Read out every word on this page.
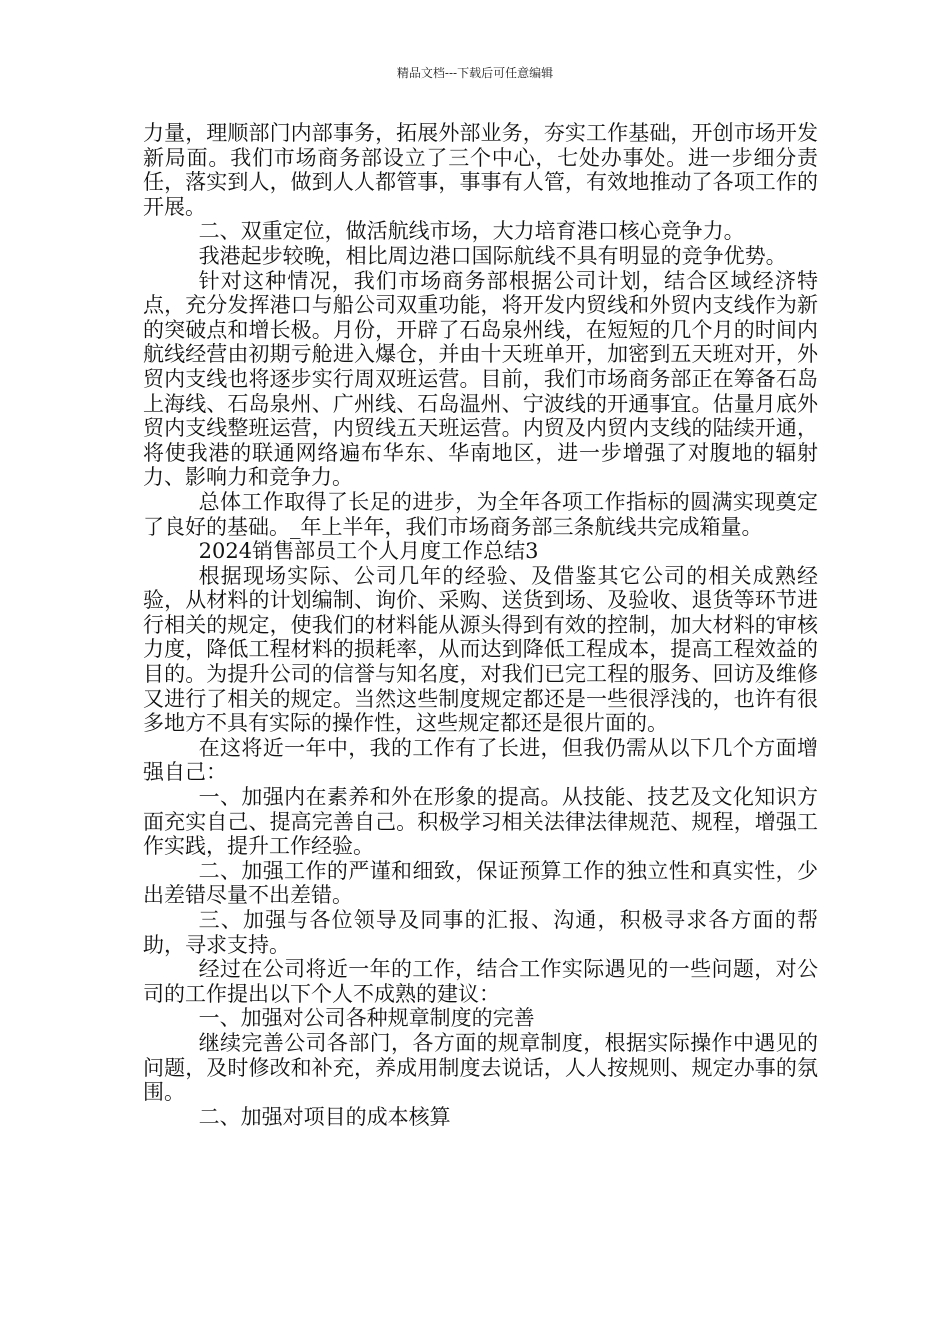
精品文档---下载后可任意编辑

力量，理顺部门内部事务，拓展外部业务，夯实工作基础，开创市场开发新局面。我们市场商务部设立了三个中心，七处办事处。进一步细分责任，落实到人，做到人人都管事，事事有人管，有效地推动了各项工作的开展。

二、双重定位，做活航线市场，大力培育港口核心竞争力。

我港起步较晚，相比周边港口国际航线不具有明显的竞争优势。

针对这种情况，我们市场商务部根据公司计划，结合区域经济特点，充分发挥港口与船公司双重功能，将开发内贸线和外贸内支线作为新的突破点和增长极。月份，开辟了石岛泉州线，在短短的几个月的时间内航线经营由初期亏舱进入爆仓，并由十天班单开，加密到五天班对开，外贸内支线也将逐步实行周双班运营。目前，我们市场商务部正在筹备石岛上海线、石岛泉州、广州线、石岛温州、宁波线的开通事宜。估量月底外贸内支线整班运营，内贸线五天班运营。内贸及内贸内支线的陆续开通，将使我港的联通网络遍布华东、华南地区，进一步增强了对腹地的辐射力、影响力和竞争力。

总体工作取得了长足的进步，为全年各项工作指标的圆满实现奠定了良好的基础。_年上半年，我们市场商务部三条航线共完成箱量。

2024销售部员工个人月度工作总结3

根据现场实际、公司几年的经验、及借鉴其它公司的相关成熟经验，从材料的计划编制、询价、采购、送货到场、及验收、退货等环节进行相关的规定，使我们的材料能从源头得到有效的控制，加大材料的审核力度，降低工程材料的损耗率，从而达到降低工程成本，提高工程效益的目的。为提升公司的信誉与知名度，对我们已完工程的服务、回访及维修又进行了相关的规定。当然这些制度规定都还是一些很浮浅的，也许有很多地方不具有实际的操作性，这些规定都还是很片面的。

在这将近一年中，我的工作有了长进，但我仍需从以下几个方面增强自己：

一、加强内在素养和外在形象的提高。从技能、技艺及文化知识方面充实自己、提高完善自己。积极学习相关法律法律规范、规程，增强工作实践，提升工作经验。

二、加强工作的严谨和细致，保证预算工作的独立性和真实性，少出差错尽量不出差错。

三、加强与各位领导及同事的汇报、沟通，积极寻求各方面的帮助，寻求支持。

经过在公司将近一年的工作，结合工作实际遇见的一些问题，对公司的工作提出以下个人不成熟的建议：

一、加强对公司各种规章制度的完善

继续完善公司各部门，各方面的规章制度，根据实际操作中遇见的问题，及时修改和补充，养成用制度去说话，人人按规则、规定办事的氛围。

二、加强对项目的成本核算
